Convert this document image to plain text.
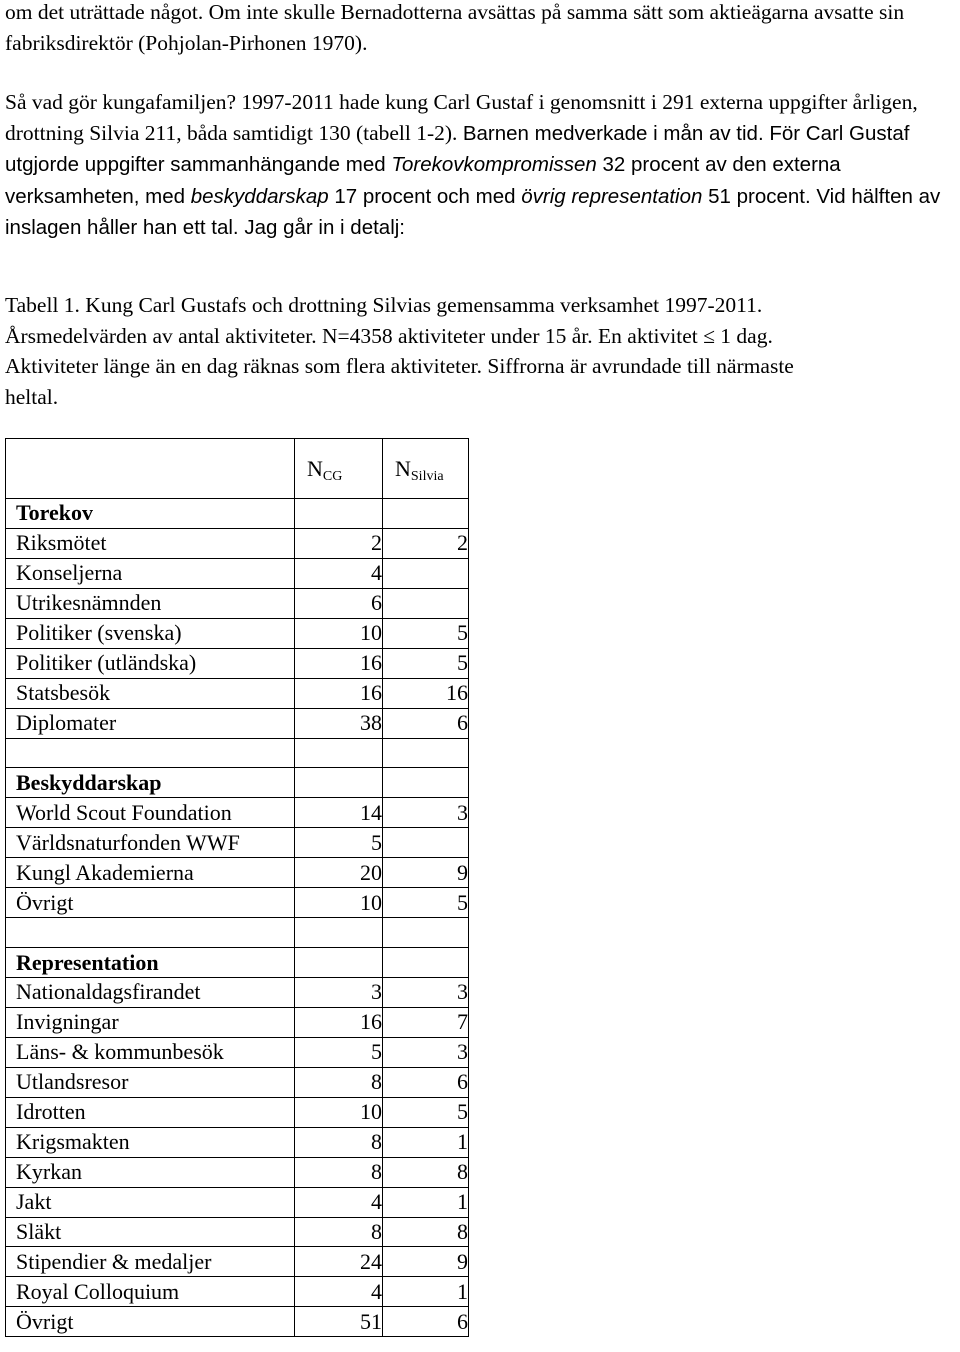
om det uträttade något. Om inte skulle Bernadotterna avsättas på samma sätt som aktieägarna avsatte sin fabriksdirektör (Pohjolan-Pirhonen 1970).

Så vad gör kungafamiljen? 1997-2011 hade kung Carl Gustaf i genomsnitt i 291 externa uppgifter årligen, drottning Silvia 211, båda samtidigt 130 (tabell 1-2). Barnen medverkade i mån av tid. För Carl Gustaf utgjorde uppgifter sammanhängande med Torekovkompromissen 32 procent av den externa verksamheten, med beskyddarskap 17 procent och med övrig representation 51 procent. Vid hälften av inslagen håller han ett tal. Jag går in i detalj:

Tabell 1. Kung Carl Gustafs och drottning Silvias gemensamma verksamhet 1997-2011.
Årsmedelvärden av antal aktiviteter. N=4358 aktiviteter under 15 år. En aktivitet ≤ 1 dag.
Aktiviteter länge än en dag räknas som flera aktiviteter. Siffrorna är avrundade till närmaste
heltal.

	$N_{CG}$	$N_{Silvia}$
Torekov		
Riksmötet	2	2
Konseljerna	4	
Utrikesnämnden	6	
Politiker (svenska)	10	5
Politiker (utländska)	16	5
Statsbesök	16	16
Diplomater	38	6

Beskyddarskap		
World Scout Foundation	14	3
Världsnaturfonden WWF	5	
Kungl Akademierna	20	9
Övrigt	10	5

Representation		
Nationaldagsfirandet	3	3
Invigningar	16	7
Läns- & kommunbesök	5	3
Utlandsresor	8	6
Idrotten	10	5
Krigsmakten	8	1
Kyrkan	8	8
Jakt	4	1
Släkt	8	8
Stipendier & medaljer	24	9
Royal Colloquium	4	1
Övrigt	51	6
